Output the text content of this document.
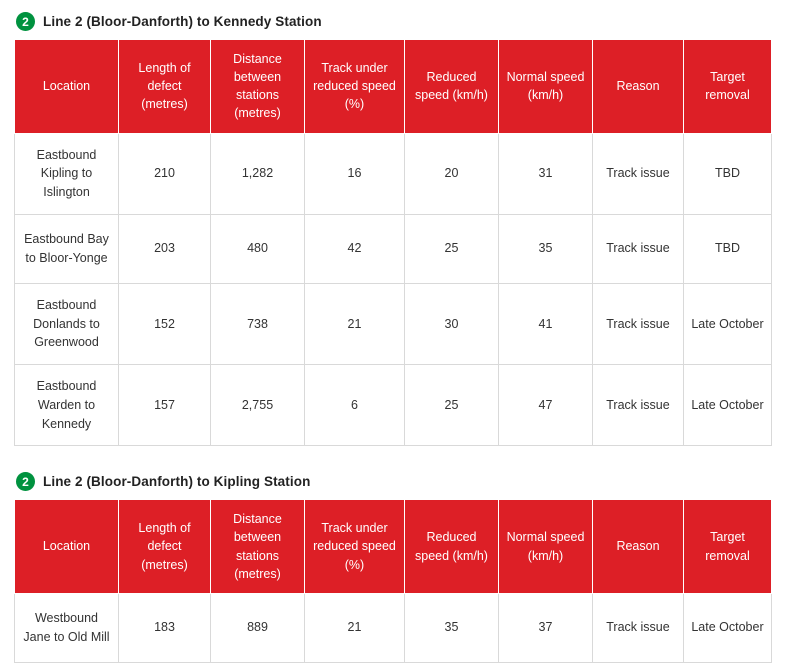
2	Line 2 (Bloor-Danforth) to Kennedy Station
Location	Length of defect (metres)	Distance between stations (metres)	Track under reduced speed (%)	Reduced speed (km/h)	Normal speed (km/h)	Reason	Target removal
Eastbound Kipling to Islington	210	1,282	16	20	31	Track issue	TBD
Eastbound Bay to Bloor-Yonge	203	480	42	25	35	Track issue	TBD
Eastbound Donlands to Greenwood	152	738	21	30	41	Track issue	Late October
Eastbound Warden to Kennedy	157	2,755	6	25	47	Track issue	Late October
2	Line 2 (Bloor-Danforth) to Kipling Station
Location	Length of defect (metres)	Distance between stations (metres)	Track under reduced speed (%)	Reduced speed (km/h)	Normal speed (km/h)	Reason	Target removal
Westbound Jane to Old Mill	183	889	21	35	37	Track issue	Late October
